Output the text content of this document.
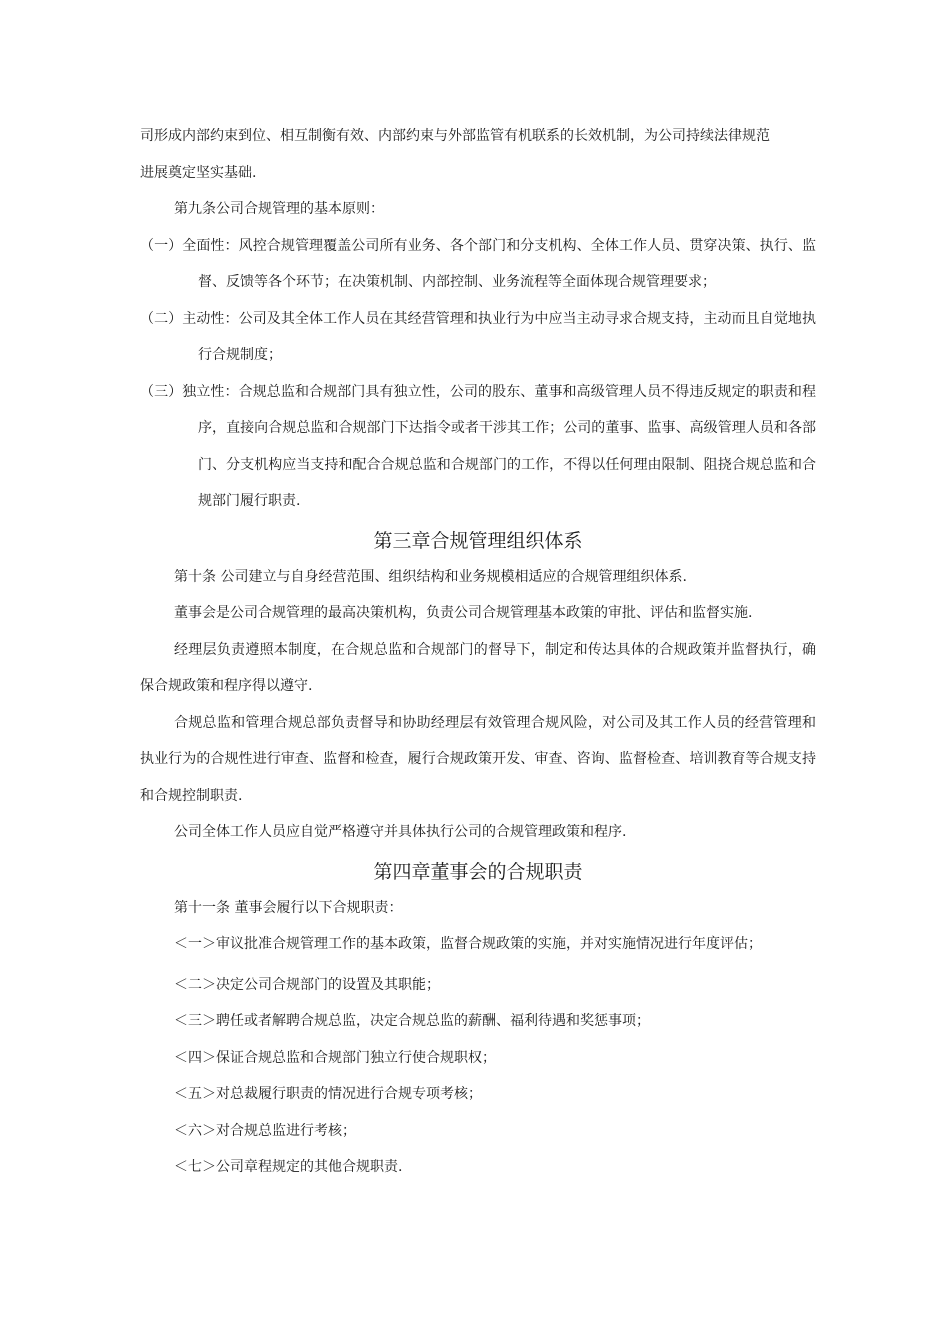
司形成内部约束到位、相互制衡有效、内部约束与外部监管有机联系的长效机制，为公司持续法律规范

进展奠定坚实基础.

第九条公司合规管理的基本原则：

（一）全面性：风控合规管理覆盖公司所有业务、各个部门和分支机构、全体工作人员、贯穿决策、执行、监督、反馈等各个环节；在决策机制、内部控制、业务流程等全面体现合规管理要求；

（二）主动性：公司及其全体工作人员在其经营管理和执业行为中应当主动寻求合规支持，主动而且自觉地执行合规制度；

（三）独立性：合规总监和合规部门具有独立性，公司的股东、董事和高级管理人员不得违反规定的职责和程序，直接向合规总监和合规部门下达指令或者干涉其工作；公司的董事、监事、高级管理人员和各部门、分支机构应当支持和配合合规总监和合规部门的工作，不得以任何理由限制、阻挠合规总监和合规部门履行职责.

第三章合规管理组织体系

第十条 公司建立与自身经营范围、组织结构和业务规模相适应的合规管理组织体系.

董事会是公司合规管理的最高决策机构，负责公司合规管理基本政策的审批、评估和监督实施.

经理层负责遵照本制度，在合规总监和合规部门的督导下，制定和传达具体的合规政策并监督执行，确保合规政策和程序得以遵守.

合规总监和管理合规总部负责督导和协助经理层有效管理合规风险，对公司及其工作人员的经营管理和执业行为的合规性进行审查、监督和检查，履行合规政策开发、审查、咨询、监督检查、培训教育等合规支持和合规控制职责.

公司全体工作人员应自觉严格遵守并具体执行公司的合规管理政策和程序.

第四章董事会的合规职责

第十一条 董事会履行以下合规职责：

＜一＞审议批准合规管理工作的基本政策，监督合规政策的实施，并对实施情况进行年度评估；

＜二＞决定公司合规部门的设置及其职能；

＜三＞聘任或者解聘合规总监，决定合规总监的薪酬、福利待遇和奖惩事项；

＜四＞保证合规总监和合规部门独立行使合规职权；

＜五＞对总裁履行职责的情况进行合规专项考核；

＜六＞对合规总监进行考核；

＜七＞公司章程规定的其他合规职责.
